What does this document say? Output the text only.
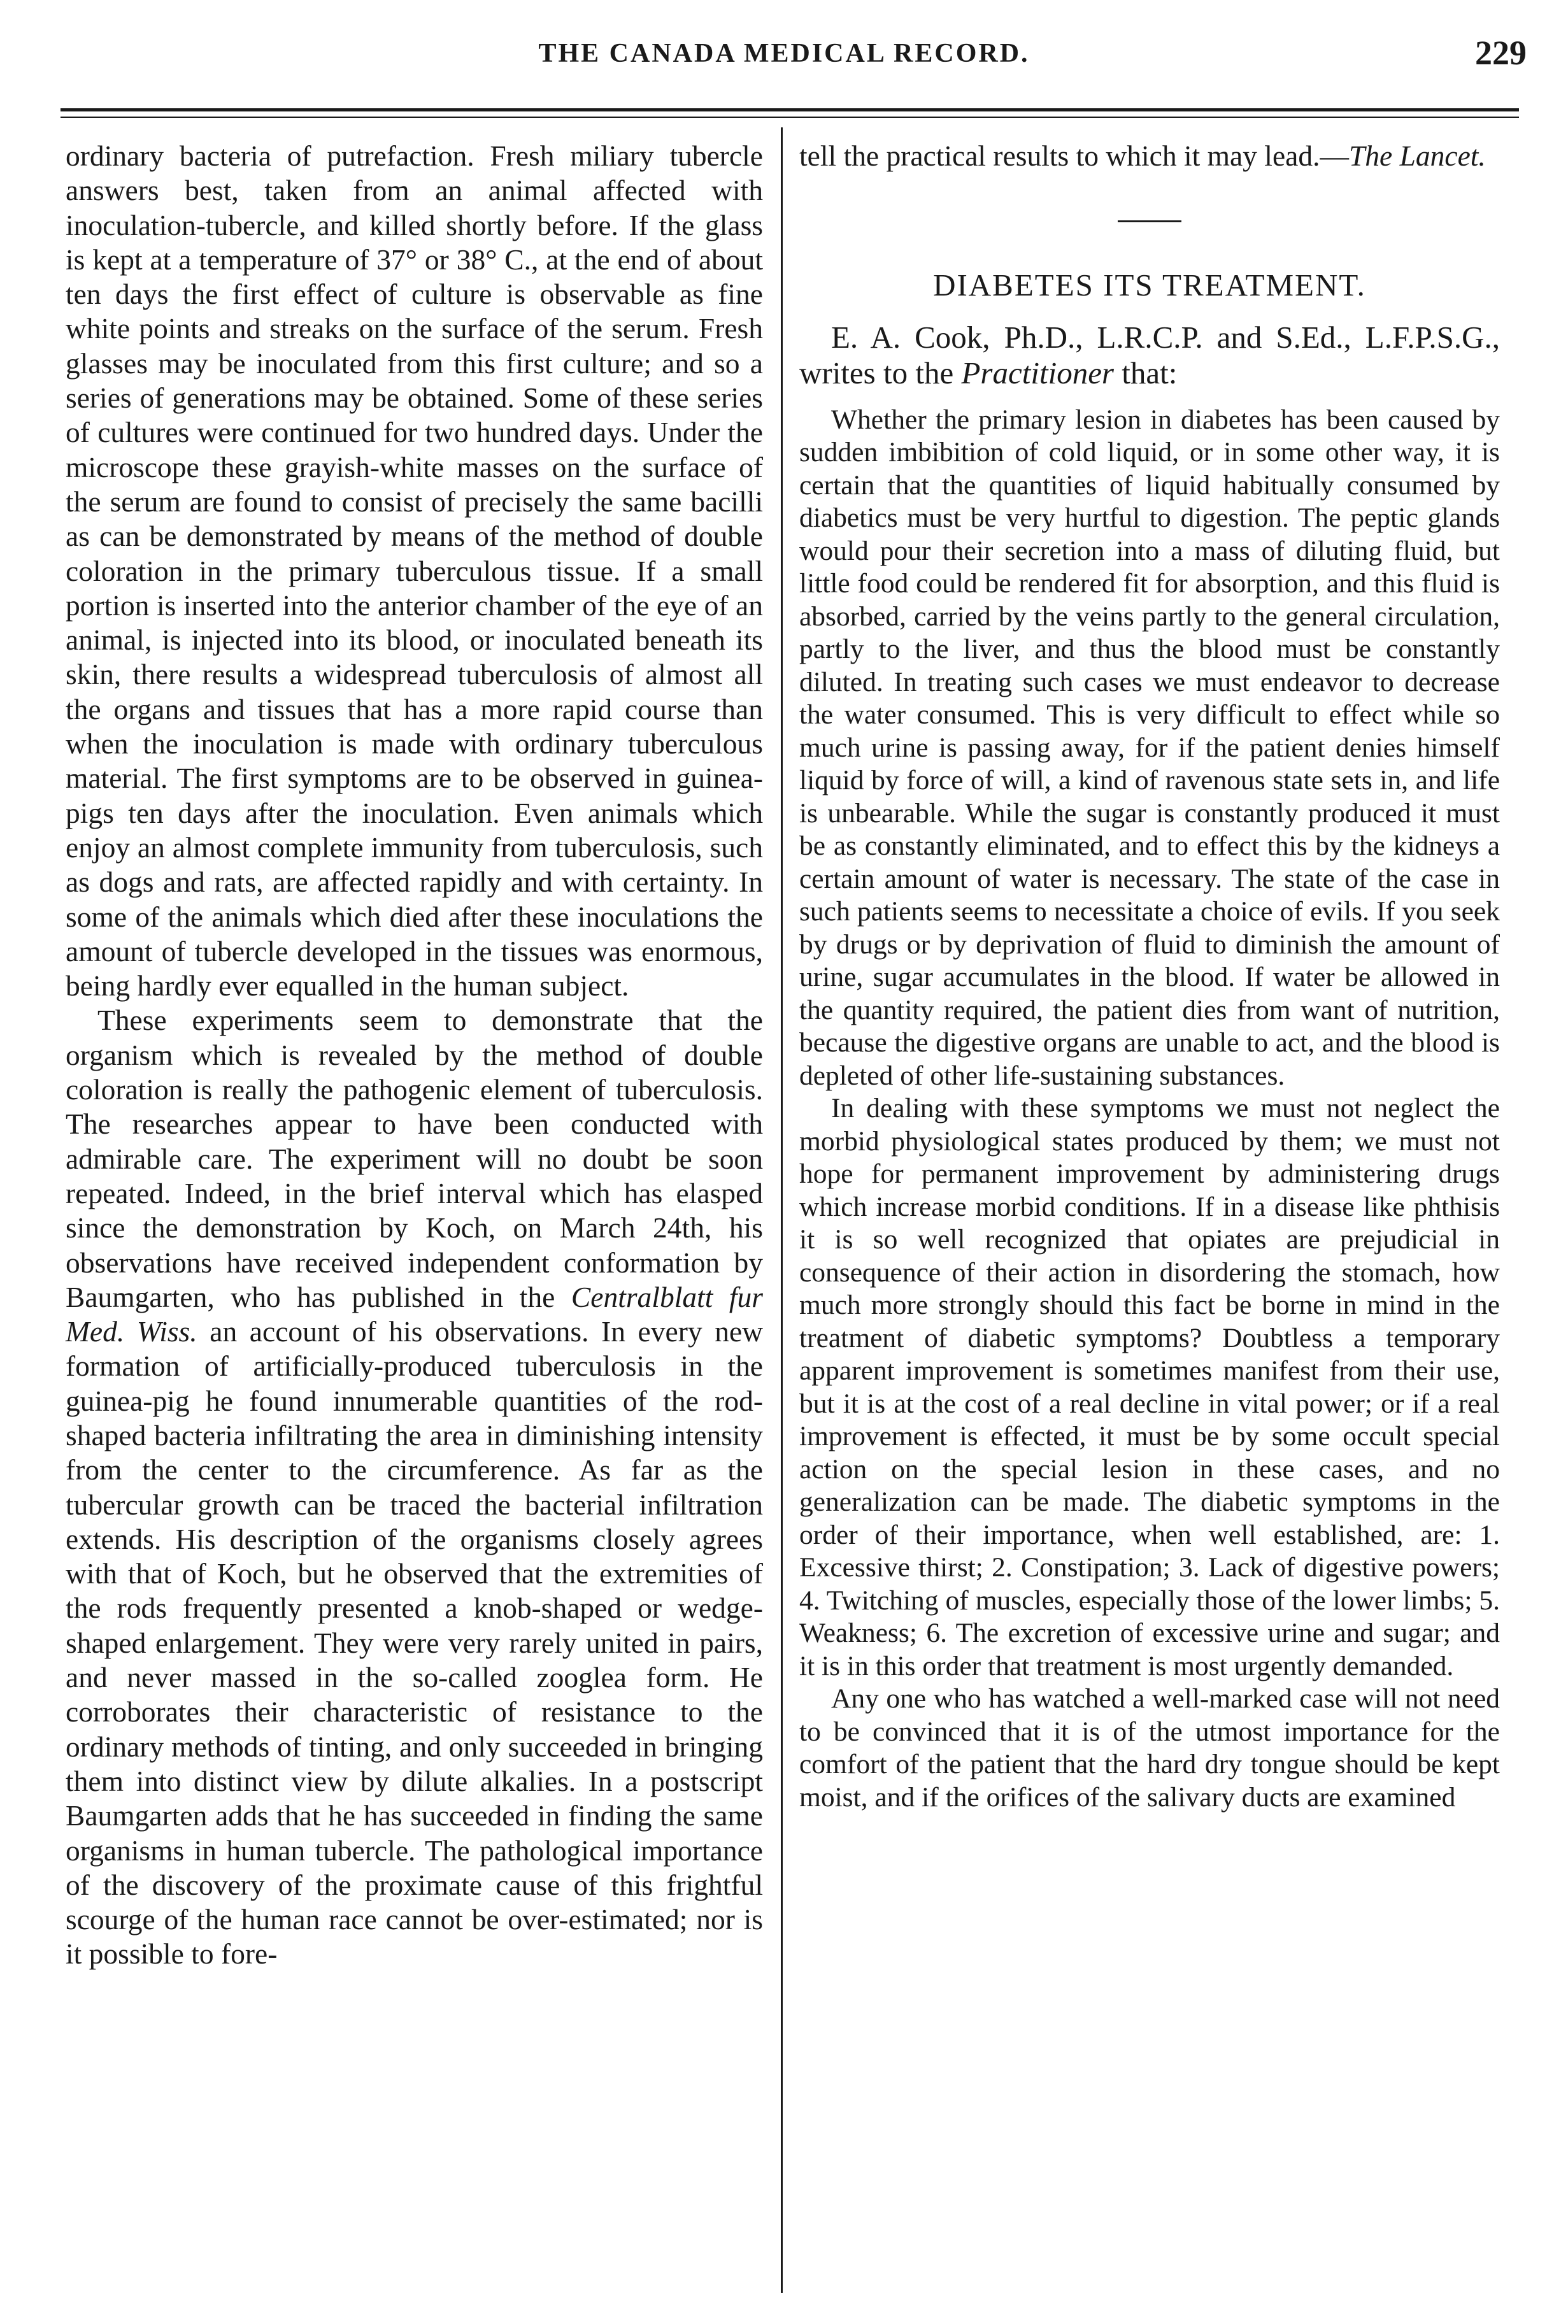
THE CANADA MEDICAL RECORD.	229

ordinary bacteria of putrefaction. Fresh miliary tubercle answers best, taken from an animal affected with inoculation-tubercle, and killed shortly before. If the glass is kept at a temperature of 37° or 38° C., at the end of about ten days the first effect of culture is observable as fine white points and streaks on the surface of the serum. Fresh glasses may be inoculated from this first culture; and so a series of generations may be obtained. Some of these series of cultures were continued for two hundred days. Under the microscope these grayish-white masses on the surface of the serum are found to consist of precisely the same bacilli as can be demonstrated by means of the method of double coloration in the primary tuberculous tissue. If a small portion is inserted into the anterior chamber of the eye of an animal, is injected into its blood, or inoculated beneath its skin, there results a widespread tuberculosis of almost all the organs and tissues that has a more rapid course than when the inoculation is made with ordinary tuberculous material. The first symptoms are to be observed in guinea-pigs ten days after the inoculation. Even animals which enjoy an almost complete immunity from tuberculosis, such as dogs and rats, are affected rapidly and with certainty. In some of the animals which died after these inoculations the amount of tubercle developed in the tissues was enormous, being hardly ever equalled in the human subject.

These experiments seem to demonstrate that the organism which is revealed by the method of double coloration is really the pathogenic element of tuberculosis. The researches appear to have been conducted with admirable care. The experiment will no doubt be soon repeated. Indeed, in the brief interval which has elasped since the demonstration by Koch, on March 24th, his observations have received independent conformation by Baumgarten, who has published in the Centralblatt fur Med. Wiss. an account of his observations. In every new formation of artificially-produced tuberculosis in the guinea-pig he found innumerable quantities of the rod-shaped bacteria infiltrating the area in diminishing intensity from the center to the circumference. As far as the tubercular growth can be traced the bacterial infiltration extends. His description of the organisms closely agrees with that of Koch, but he observed that the extremities of the rods frequently presented a knob-shaped or wedge-shaped enlargement. They were very rarely united in pairs, and never massed in the so-called zooglea form. He corroborates their characteristic of resistance to the ordinary methods of tinting, and only succeeded in bringing them into distinct view by dilute alkalies. In a postscript Baumgarten adds that he has succeeded in finding the same organisms in human tubercle. The pathological importance of the discovery of the proximate cause of this frightful scourge of the human race cannot be over-estimated; nor is it possible to fore-

tell the practical results to which it may lead.—The Lancet.

DIABETES ITS TREATMENT.

E. A. Cook, Ph.D., L.R.C.P. and S.Ed., L.F.P.S.G., writes to the Practitioner that:

Whether the primary lesion in diabetes has been caused by sudden imbibition of cold liquid, or in some other way, it is certain that the quantities of liquid habitually consumed by diabetics must be very hurtful to digestion. The peptic glands would pour their secretion into a mass of diluting fluid, but little food could be rendered fit for absorption, and this fluid is absorbed, carried by the veins partly to the general circulation, partly to the liver, and thus the blood must be constantly diluted. In treating such cases we must endeavor to decrease the water consumed. This is very difficult to effect while so much urine is passing away, for if the patient denies himself liquid by force of will, a kind of ravenous state sets in, and life is unbearable. While the sugar is constantly produced it must be as constantly eliminated, and to effect this by the kidneys a certain amount of water is necessary. The state of the case in such patients seems to necessitate a choice of evils. If you seek by drugs or by deprivation of fluid to diminish the amount of urine, sugar accumulates in the blood. If water be allowed in the quantity required, the patient dies from want of nutrition, because the digestive organs are unable to act, and the blood is depleted of other life-sustaining substances.

In dealing with these symptoms we must not neglect the morbid physiological states produced by them; we must not hope for permanent improvement by administering drugs which increase morbid conditions. If in a disease like phthisis it is so well recognized that opiates are prejudicial in consequence of their action in disordering the stomach, how much more strongly should this fact be borne in mind in the treatment of diabetic symptoms? Doubtless a temporary apparent improvement is sometimes manifest from their use, but it is at the cost of a real decline in vital power; or if a real improvement is effected, it must be by some occult special action on the special lesion in these cases, and no generalization can be made. The diabetic symptoms in the order of their importance, when well established, are: 1. Excessive thirst; 2. Constipation; 3. Lack of digestive powers; 4. Twitching of muscles, especially those of the lower limbs; 5. Weakness; 6. The excretion of excessive urine and sugar; and it is in this order that treatment is most urgently demanded.

Any one who has watched a well-marked case will not need to be convinced that it is of the utmost importance for the comfort of the patient that the hard dry tongue should be kept moist, and if the orifices of the salivary ducts are examined
